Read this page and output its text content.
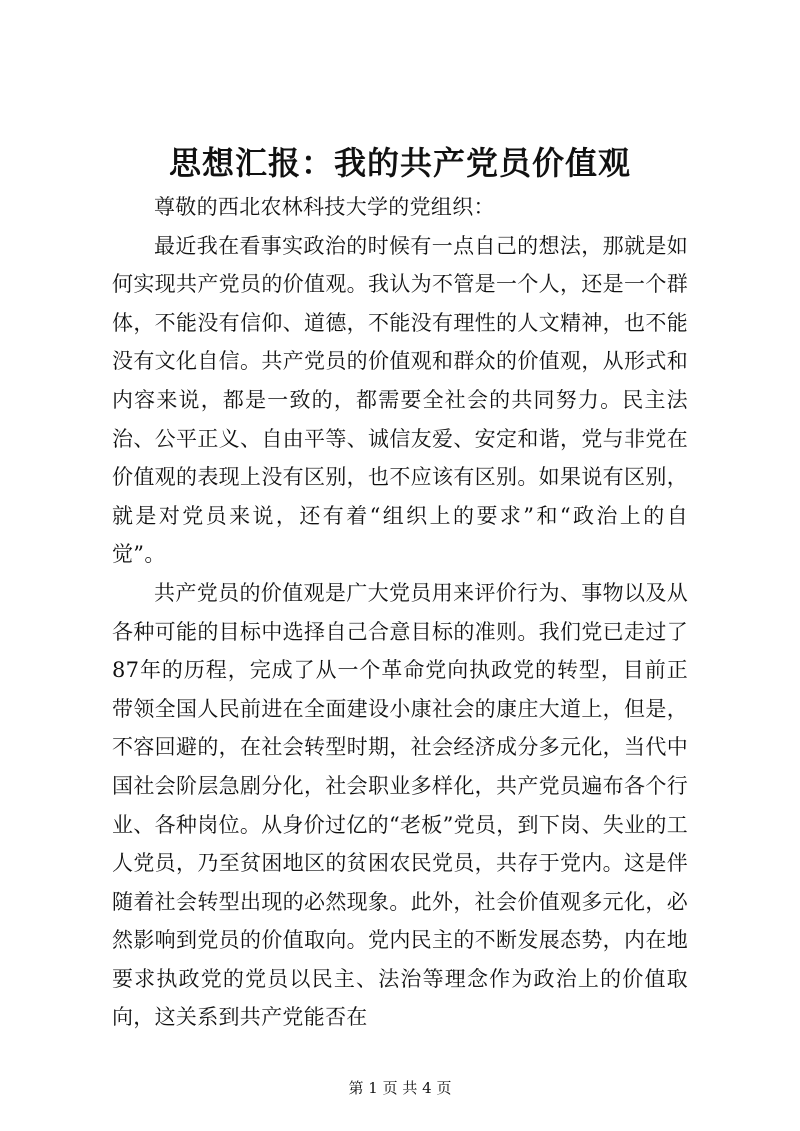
思想汇报：我的共产党员价值观

尊敬的西北农林科技大学的党组织：

最近我在看事实政治的时候有一点自己的想法，那就是如何实现共产党员的价值观。我认为不管是一个人，还是一个群体，不能没有信仰、道德，不能没有理性的人文精神，也不能没有文化自信。共产党员的价值观和群众的价值观，从形式和内容来说，都是一致的，都需要全社会的共同努力。民主法治、公平正义、自由平等、诚信友爱、安定和谐，党与非党在价值观的表现上没有区别，也不应该有区别。如果说有区别，就是对党员来说，还有着“组织上的要求”和“政治上的自觉”。

共产党员的价值观是广大党员用来评价行为、事物以及从各种可能的目标中选择自己合意目标的准则。我们党已走过了87年的历程，完成了从一个革命党向执政党的转型，目前正带领全国人民前进在全面建设小康社会的康庄大道上，但是，不容回避的，在社会转型时期，社会经济成分多元化，当代中国社会阶层急剧分化，社会职业多样化，共产党员遍布各个行业、各种岗位。从身价过亿的“老板”党员，到下岗、失业的工人党员，乃至贫困地区的贫困农民党员，共存于党内。这是伴随着社会转型出现的必然现象。此外，社会价值观多元化，必然影响到党员的价值取向。党内民主的不断发展态势，内在地要求执政党的党员以民主、法治等理念作为政治上的价值取向，这关系到共产党能否在

第 1 页 共 4 页
